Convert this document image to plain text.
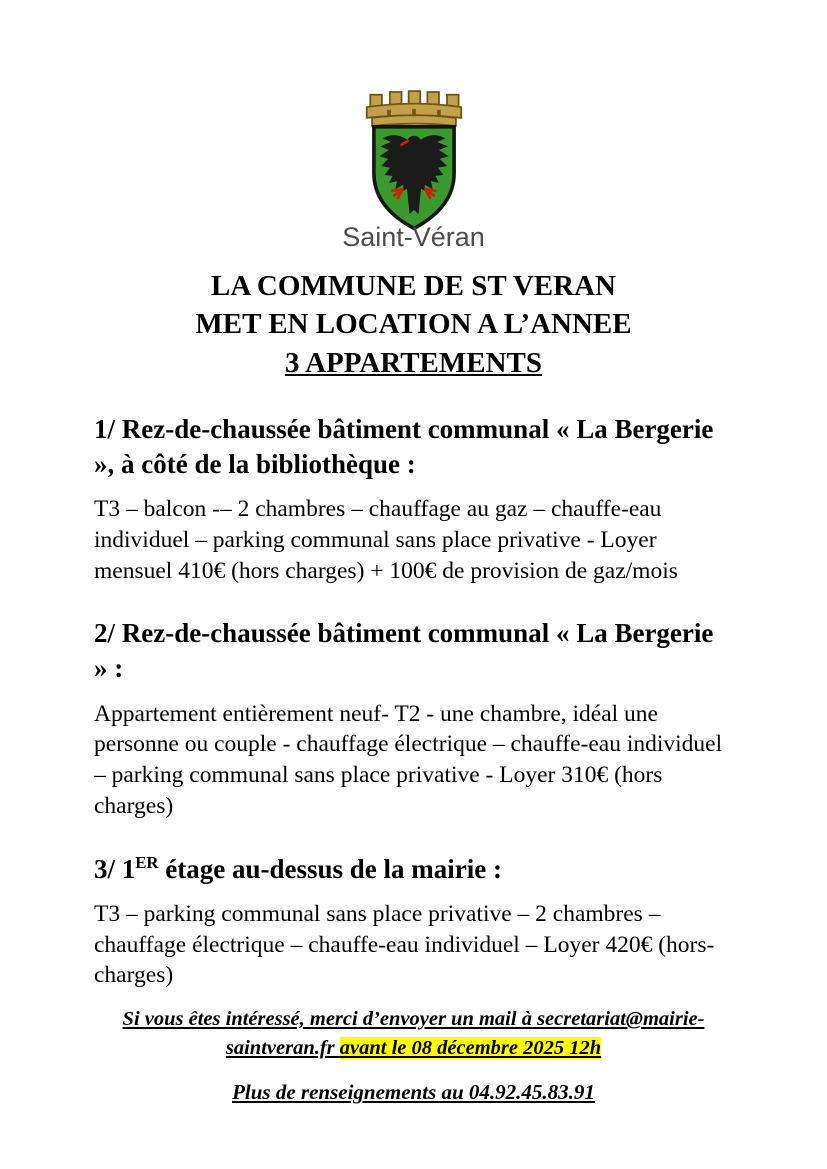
Saint-Véran
LA COMMUNE DE ST VERAN
MET EN LOCATION A L’ANNEE
3 APPARTEMENTS
1/ Rez-de-chaussée bâtiment communal « La Bergerie », à côté de la bibliothèque :

T3 – balcon -– 2 chambres – chauffage au gaz – chauffe-eau individuel – parking communal sans place privative - Loyer mensuel 410€ (hors charges) + 100€ de provision de gaz/mois

2/ Rez-de-chaussée bâtiment communal « La Bergerie » :

Appartement entièrement neuf- T2 - une chambre, idéal une personne ou couple - chauffage électrique – chauffe-eau individuel – parking communal sans place privative - Loyer 310€ (hors charges)

3/ 1ER étage au-dessus de la mairie :

T3 – parking communal sans place privative – 2 chambres – chauffage électrique – chauffe-eau individuel – Loyer 420€ (hors-charges)

Si vous êtes intéressé, merci d’envoyer un mail à secretariat@mairie-
saintveran.fr avant le 08 décembre 2025 12h
Plus de renseignements au 04.92.45.83.91
